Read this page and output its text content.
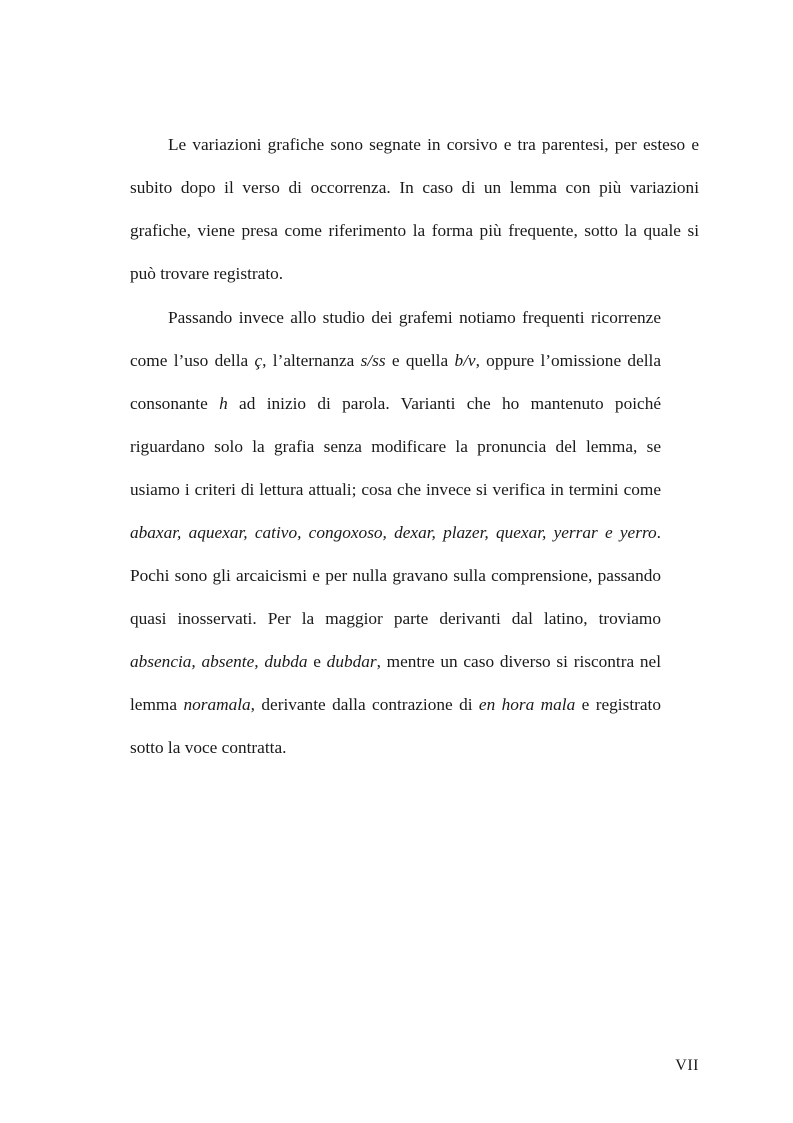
Le variazioni grafiche sono segnate in corsivo e tra parentesi, per esteso e subito dopo il verso di occorrenza. In caso di un lemma con più variazioni grafiche, viene presa come riferimento la forma più frequente, sotto la quale si può trovare registrato.

Passando invece allo studio dei grafemi notiamo frequenti ricorrenze come l’uso della ç, l’alternanza s/ss e quella b/v, oppure l’omissione della consonante h ad inizio di parola. Varianti che ho mantenuto poiché riguardano solo la grafia senza modificare la pronuncia del lemma, se usiamo i criteri di lettura attuali; cosa che invece si verifica in termini come abaxar, aquexar, cativo, congoxoso, dexar, plazer, quexar, yerrar e yerro. Pochi sono gli arcaicismi e per nulla gravano sulla comprensione, passando quasi inosservati. Per la maggior parte derivanti dal latino, troviamo absencia, absente, dubda e dubdar, mentre un caso diverso si riscontra nel lemma noramala, derivante dalla contrazione di en hora mala e registrato sotto la voce contratta.

VII
